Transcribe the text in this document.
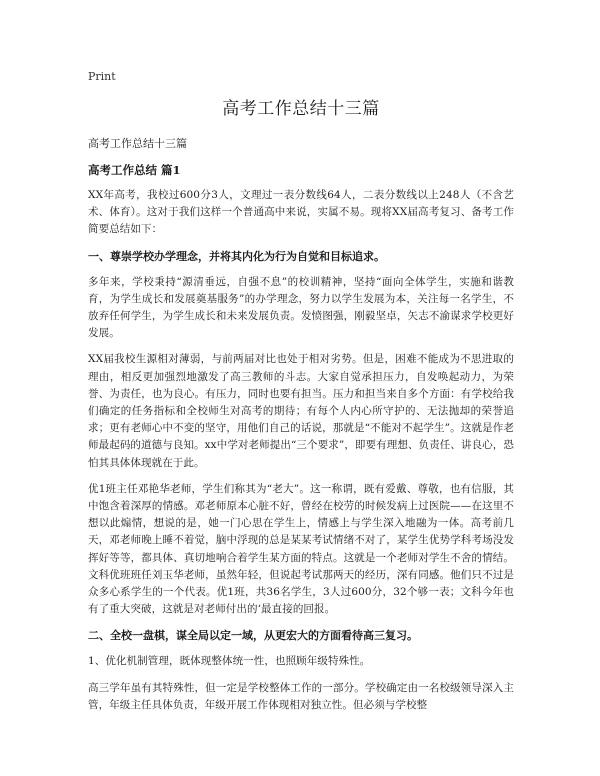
Print
高考工作总结十三篇
高考工作总结十三篇
高考工作总结 篇1

XX年高考，我校过600分3人，文理过一表分数线64人，二表分数线以上248人（不含艺术、体育）。这对于我们这样一个普通高中来说，实属不易。现将XX届高考复习、备考工作简要总结如下：

一、尊崇学校办学理念，并将其内化为行为自觉和目标追求。

多年来，学校秉持“源清垂远，自强不息”的校训精神，坚持“面向全体学生，实施和谐教育，为学生成长和发展奠基服务”的办学理念，努力以学生发展为本，关注每一名学生，不放弃任何学生，为学生成长和未来发展负责。发愤图强，刚毅坚卓，矢志不渝谋求学校更好发展。

XX届我校生源相对薄弱，与前两届对比也处于相对劣势。但是，困难不能成为不思进取的理由，相反更加强烈地激发了高三教师的斗志。大家自觉承担压力，自发唤起动力，为荣誉、为责任，也为良心。有压力，同时也要有担当。压力和担当来自多个方面：有学校给我们确定的任务指标和全校师生对高考的期待；有每个人内心所守护的、无法抛却的荣誉追求；更有老师心中不变的坚守，用他们自己的话说，那就是“不能对不起学生”。这就是作老师最起码的道德与良知。xx中学对老师提出“三个要求”，即要有理想、负责任、讲良心，恐怕其具体体现就在于此。

优1班主任邓艳华老师，学生们称其为“老大”。这一称谓，既有爱戴、尊敬，也有信服，其中饱含着深厚的情感。邓老师原本心脏不好，曾经在校劳的时候发病上过医院——在这里不想以此煽情，想说的是，她一门心思在学生上，情感上与学生深入地融为一体。高考前几天，邓老师晚上睡不着觉，脑中浮现的总是某某考试情绪不对了，某学生优势学科考场没发挥好等等，都具体、真切地响合着学生某方面的特点。这就是一个老师对学生不舍的情结。文科优班班任刘玉华老师，虽然年轻，但说起考试那两天的经历，深有同感。他们只不过是众多心系学生的一个代表。优1班，共36名学生，3人过600分，32个够一表；文科今年也有了重大突破，这就是对老师付出的‘最直接的回报。

二、全校一盘棋，谋全局以定一域，从更宏大的方面看待高三复习。

1、优化机制管理，既体现整体统一性，也照顾年级特殊性。

高三学年虽有其特殊性，但一定是学校整体工作的一部分。学校确定由一名校级领导深入主管，年级主任具体负责，年级开展工作体现相对独立性。但必须与学校整
